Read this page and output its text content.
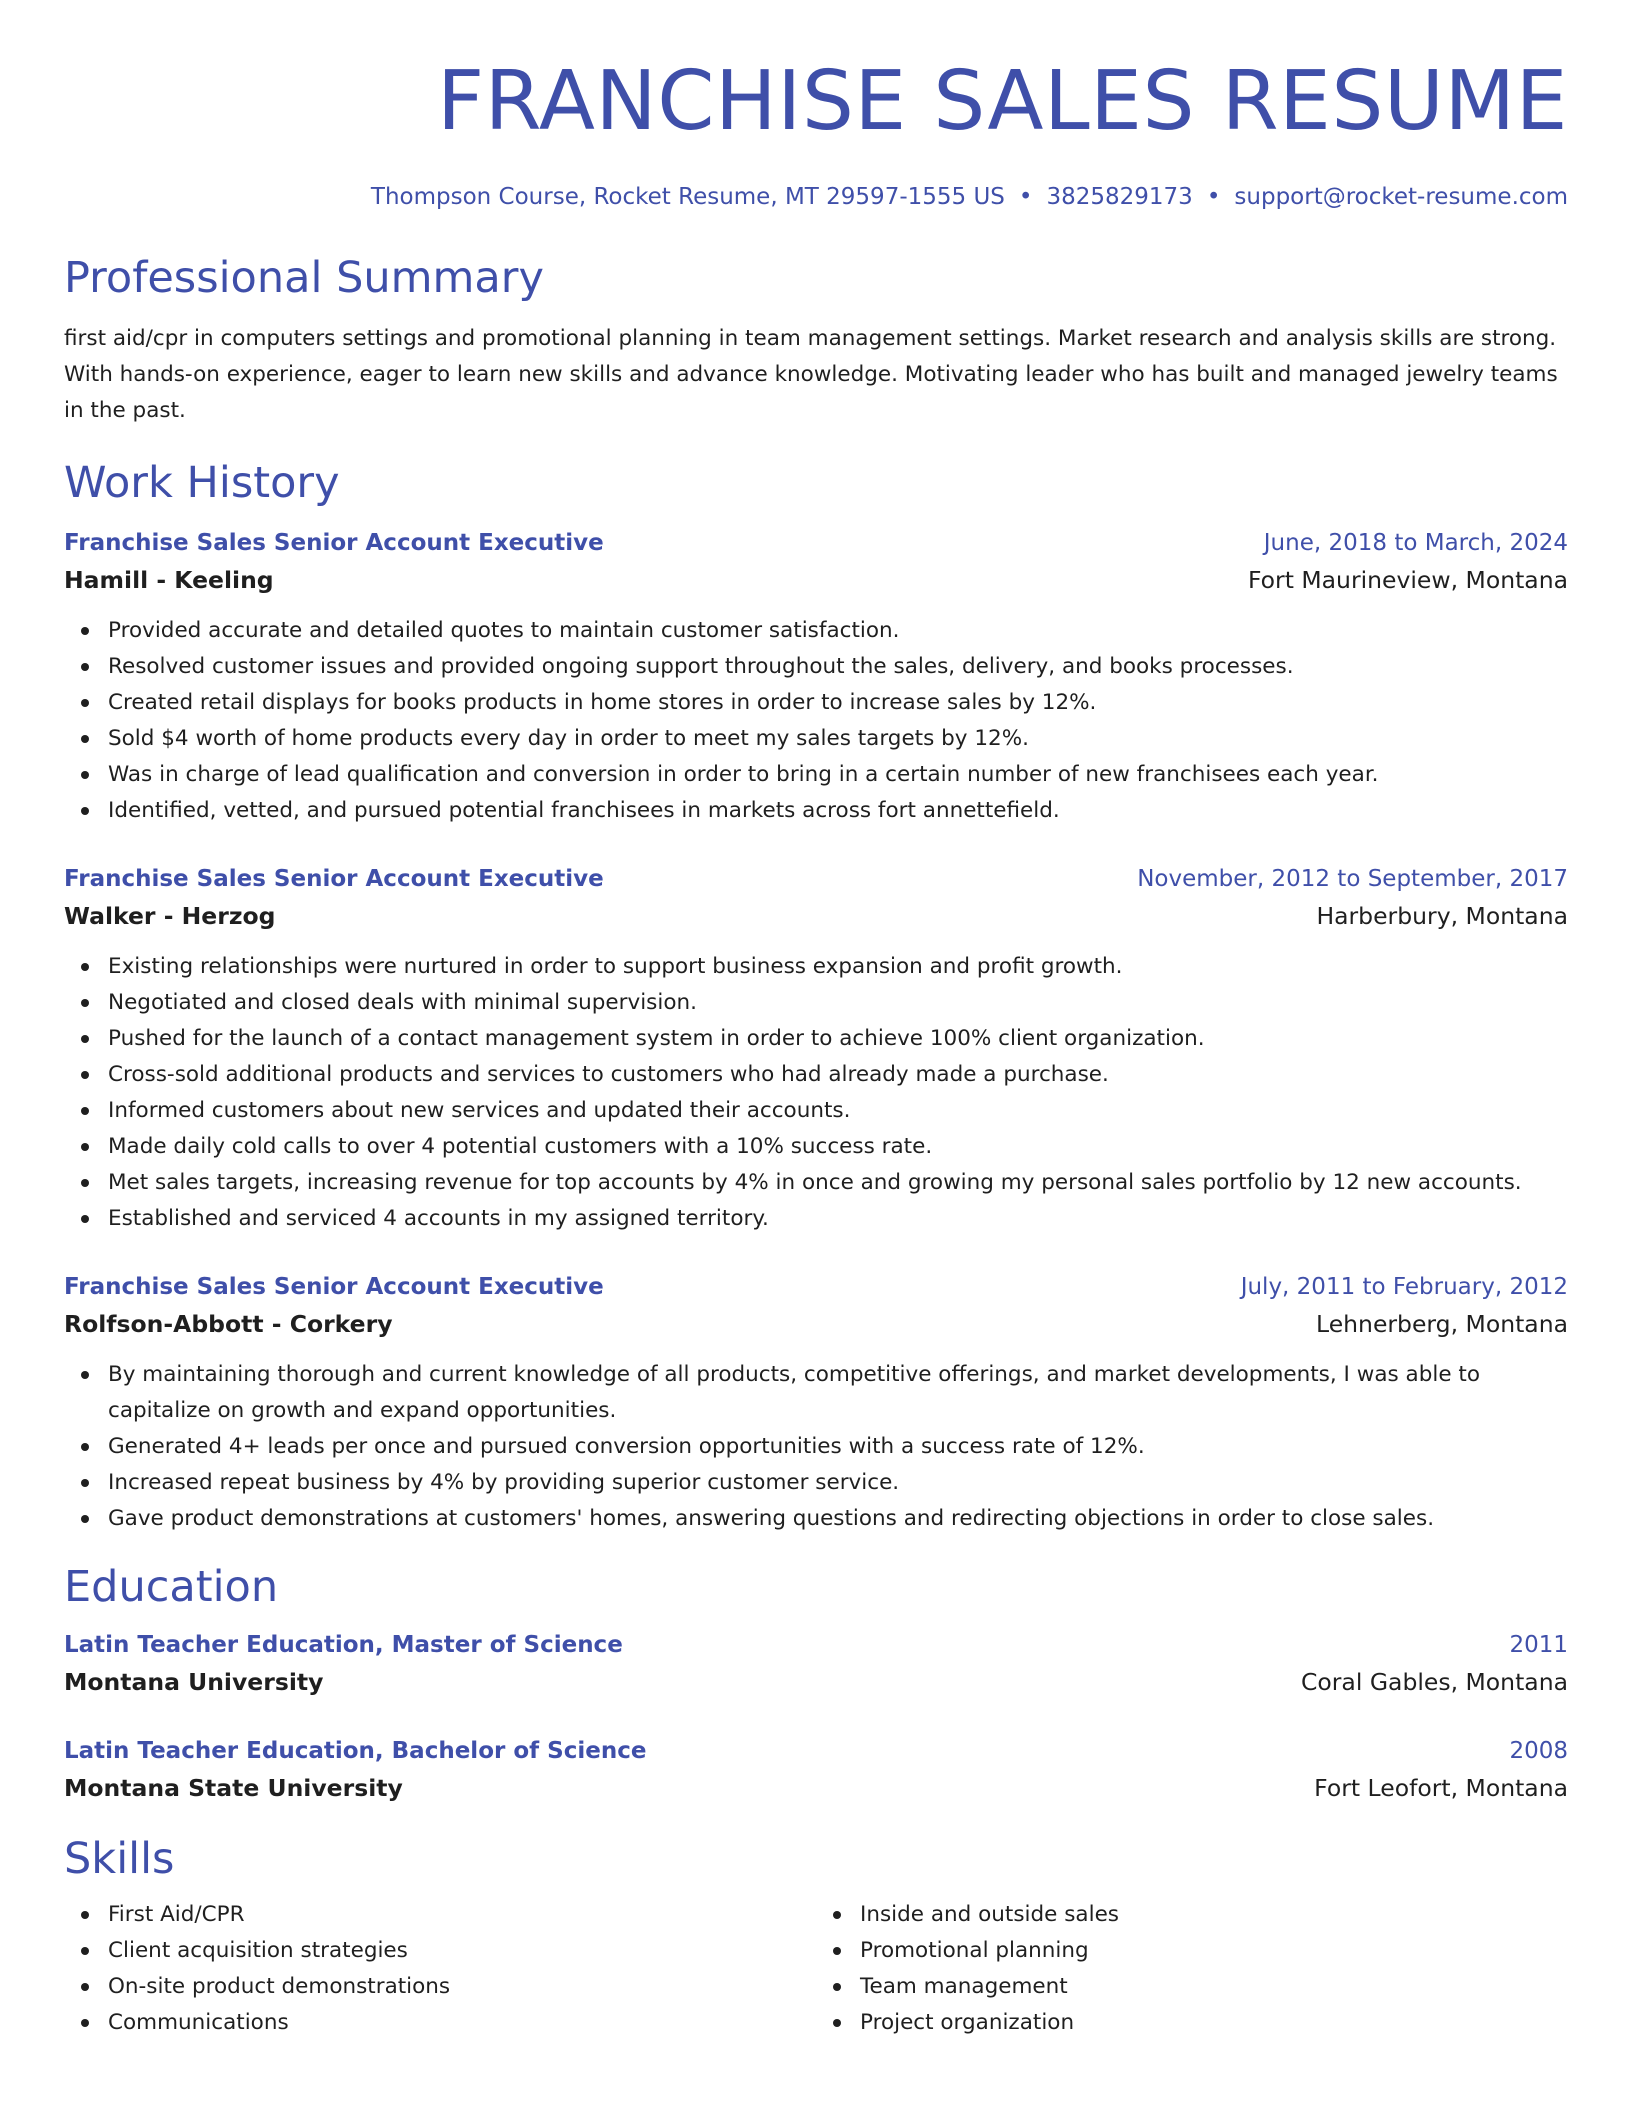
FRANCHISE SALES RESUME
Thompson Course, Rocket Resume, MT 29597-1555 US • 3825829173 • support@rocket-resume.com
Professional Summary

first aid/cpr in computers settings and promotional planning in team management settings. Market research and analysis skills are strong. With hands-on experience, eager to learn new skills and advance knowledge. Motivating leader who has built and managed jewelry teams in the past.

Work History
Franchise Sales Senior Account Executive	June, 2018 to March, 2024
Hamill - Keeling	Fort Maurineview, Montana
Provided accurate and detailed quotes to maintain customer satisfaction.
Resolved customer issues and provided ongoing support throughout the sales, delivery, and books processes.
Created retail displays for books products in home stores in order to increase sales by 12%.
Sold $4 worth of home products every day in order to meet my sales targets by 12%.
Was in charge of lead qualification and conversion in order to bring in a certain number of new franchisees each year.
Identified, vetted, and pursued potential franchisees in markets across fort annettefield.
Franchise Sales Senior Account Executive	November, 2012 to September, 2017
Walker - Herzog	Harberbury, Montana
Existing relationships were nurtured in order to support business expansion and profit growth.
Negotiated and closed deals with minimal supervision.
Pushed for the launch of a contact management system in order to achieve 100% client organization.
Cross-sold additional products and services to customers who had already made a purchase.
Informed customers about new services and updated their accounts.
Made daily cold calls to over 4 potential customers with a 10% success rate.
Met sales targets, increasing revenue for top accounts by 4% in once and growing my personal sales portfolio by 12 new accounts.
Established and serviced 4 accounts in my assigned territory.
Franchise Sales Senior Account Executive	July, 2011 to February, 2012
Rolfson-Abbott - Corkery	Lehnerberg, Montana
By maintaining thorough and current knowledge of all products, competitive offerings, and market developments, I was able to capitalize on growth and expand opportunities.
Generated 4+ leads per once and pursued conversion opportunities with a success rate of 12%.
Increased repeat business by 4% by providing superior customer service.
Gave product demonstrations at customers' homes, answering questions and redirecting objections in order to close sales.
Education
Latin Teacher Education, Master of Science	2011
Montana University	Coral Gables, Montana
Latin Teacher Education, Bachelor of Science	2008
Montana State University	Fort Leofort, Montana
Skills
First Aid/CPR
Client acquisition strategies
On-site product demonstrations
Communications
Inside and outside sales
Promotional planning
Team management
Project organization
